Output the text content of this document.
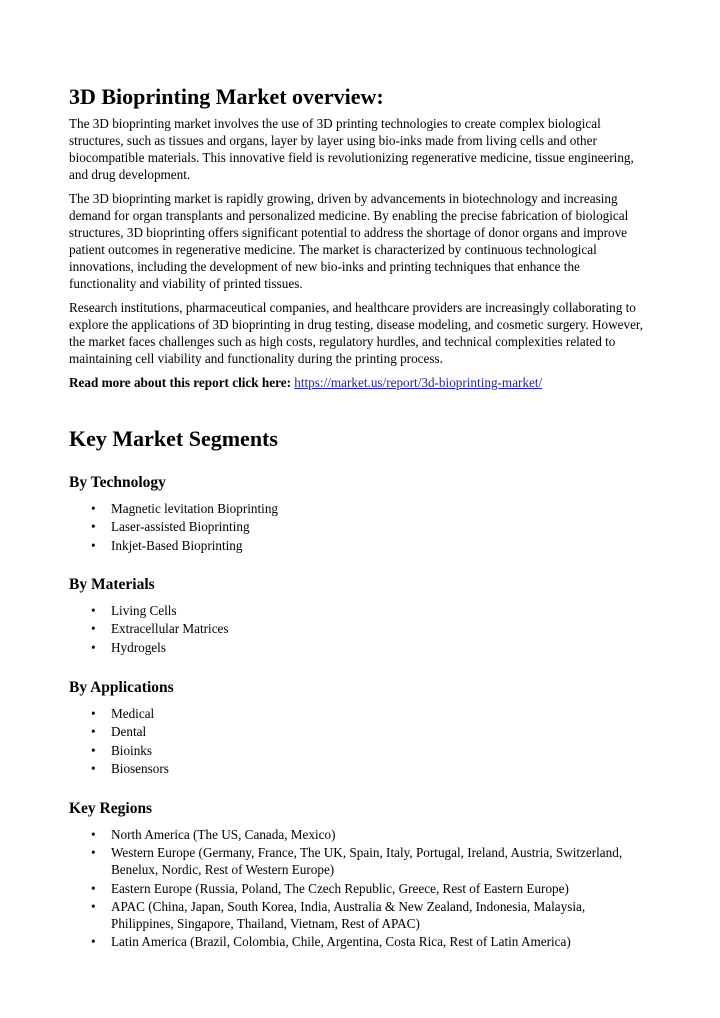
3D Bioprinting Market overview:

The 3D bioprinting market involves the use of 3D printing technologies to create complex biological structures, such as tissues and organs, layer by layer using bio-inks made from living cells and other biocompatible materials. This innovative field is revolutionizing regenerative medicine, tissue engineering, and drug development.

The 3D bioprinting market is rapidly growing, driven by advancements in biotechnology and increasing demand for organ transplants and personalized medicine. By enabling the precise fabrication of biological structures, 3D bioprinting offers significant potential to address the shortage of donor organs and improve patient outcomes in regenerative medicine. The market is characterized by continuous technological innovations, including the development of new bio-inks and printing techniques that enhance the functionality and viability of printed tissues.

Research institutions, pharmaceutical companies, and healthcare providers are increasingly collaborating to explore the applications of 3D bioprinting in drug testing, disease modeling, and cosmetic surgery. However, the market faces challenges such as high costs, regulatory hurdles, and technical complexities related to maintaining cell viability and functionality during the printing process.

Read more about this report click here: https://market.us/report/3d-bioprinting-market/

Key Market Segments
By Technology
• Magnetic levitation Bioprinting
• Laser-assisted Bioprinting
• Inkjet-Based Bioprinting
By Materials
• Living Cells
• Extracellular Matrices
• Hydrogels
By Applications
• Medical
• Dental
• Bioinks
• Biosensors
Key Regions
• North America (The US, Canada, Mexico)
• Western Europe (Germany, France, The UK, Spain, Italy, Portugal, Ireland, Austria, Switzerland, Benelux, Nordic, Rest of Western Europe)
• Eastern Europe (Russia, Poland, The Czech Republic, Greece, Rest of Eastern Europe)
• APAC (China, Japan, South Korea, India, Australia & New Zealand, Indonesia, Malaysia, Philippines, Singapore, Thailand, Vietnam, Rest of APAC)
• Latin America (Brazil, Colombia, Chile, Argentina, Costa Rica, Rest of Latin America)
